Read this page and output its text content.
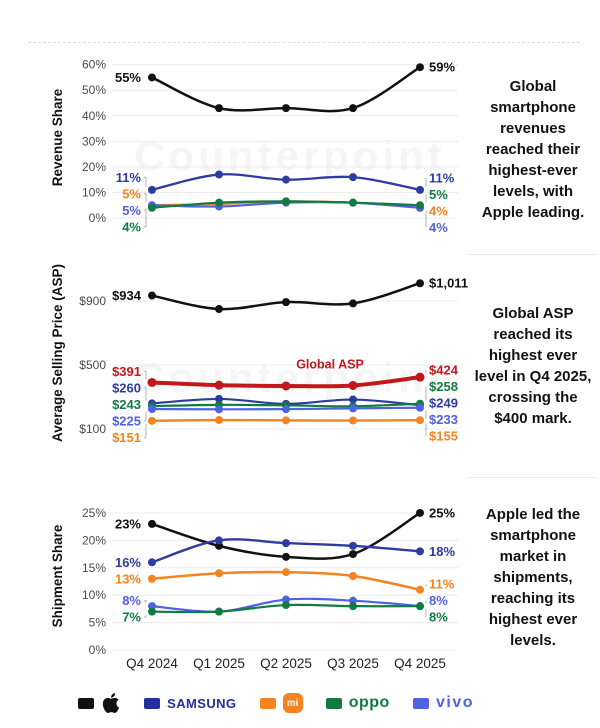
0%
10%
20%
30%
40%
50%
60%
Revenue Share
55%
11%
5%
5%
4%
59%
11%
4%
4%
5%
$100
$500
$900
Average Selling Price (ASP)	Global ASP
$934
$391
$260
$243
$225
$151
$1,011
$424
$249
$258
$233
$155
0%
5%
10%
15%
20%
25%
Shipment Share
23%
16%
13%
8%
7%
25%
18%
11%
8%
8%
Q4 2024 Q1 2025 Q2 2025 Q3 2025 Q4 2025

Global smartphone revenues reached their highest-ever levels, with Apple leading.

Global ASP reached its highest ever level in Q4 2025, crossing the $400 mark.

Apple led the smartphone market in shipments, reaching its highest ever levels.

SAMSUNG	mi	oppo	vivo
